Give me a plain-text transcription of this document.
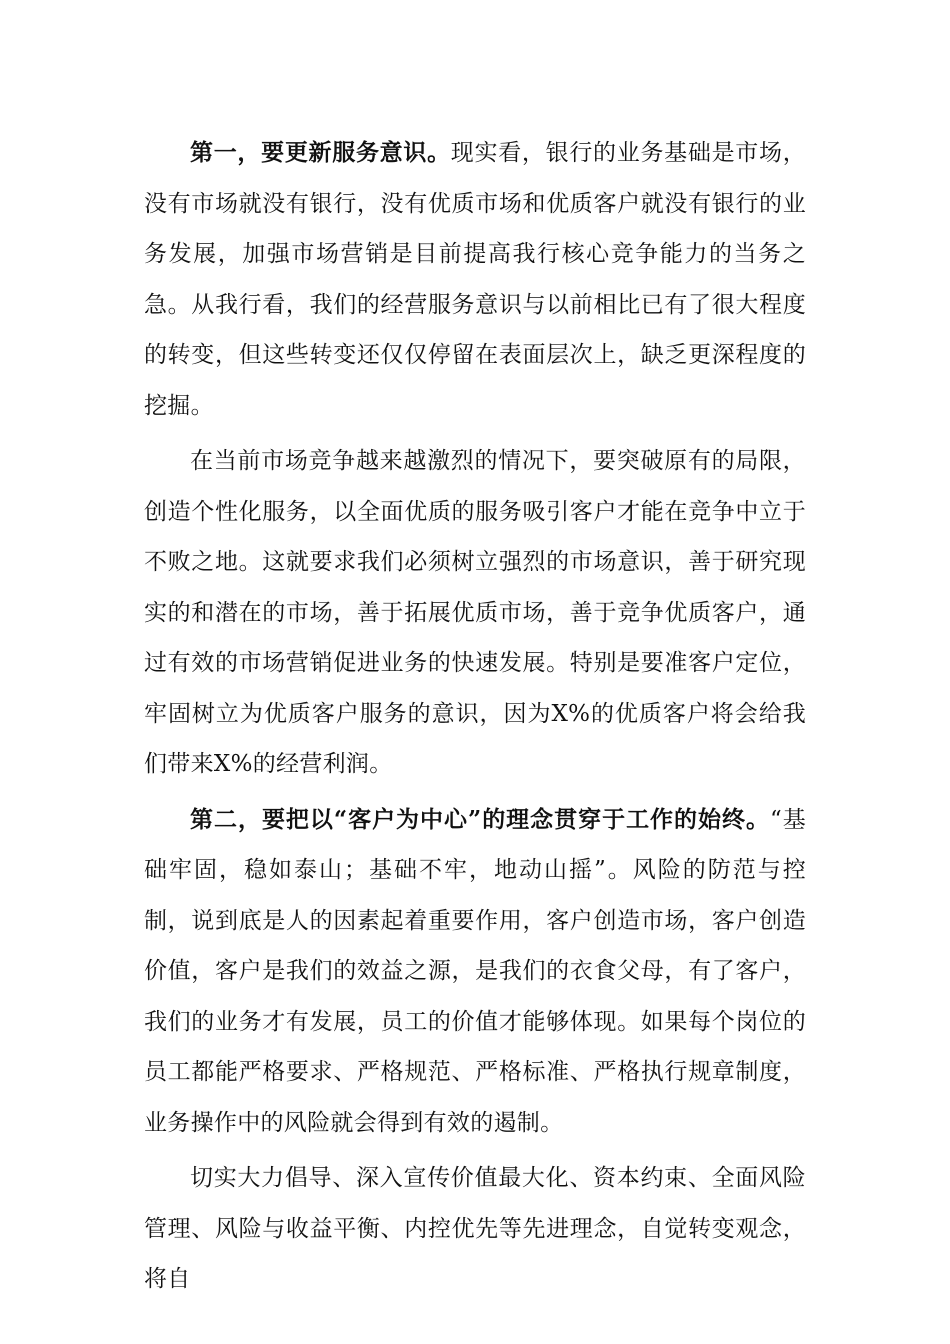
第一，要更新服务意识。现实看，银行的业务基础是市场，没有市场就没有银行，没有优质市场和优质客户就没有银行的业务发展，加强市场营销是目前提高我行核心竞争能力的当务之急。从我行看，我们的经营服务意识与以前相比已有了很大程度的转变，但这些转变还仅仅停留在表面层次上，缺乏更深程度的挖掘。

在当前市场竞争越来越激烈的情况下，要突破原有的局限，创造个性化服务，以全面优质的服务吸引客户才能在竞争中立于不败之地。这就要求我们必须树立强烈的市场意识，善于研究现实的和潜在的市场，善于拓展优质市场，善于竞争优质客户，通过有效的市场营销促进业务的快速发展。特别是要准客户定位，牢固树立为优质客户服务的意识，因为X%的优质客户将会给我们带来X%的经营利润。

第二，要把以“客户为中心”的理念贯穿于工作的始终。“基础牢固，稳如泰山；基础不牢，地动山摇”。风险的防范与控制，说到底是人的因素起着重要作用，客户创造市场，客户创造价值，客户是我们的效益之源，是我们的衣食父母，有了客户，我们的业务才有发展，员工的价值才能够体现。如果每个岗位的员工都能严格要求、严格规范、严格标准、严格执行规章制度，业务操作中的风险就会得到有效的遏制。

切实大力倡导、深入宣传价值最大化、资本约束、全面风险管理、风险与收益平衡、内控优先等先进理念，自觉转变观念，将自
